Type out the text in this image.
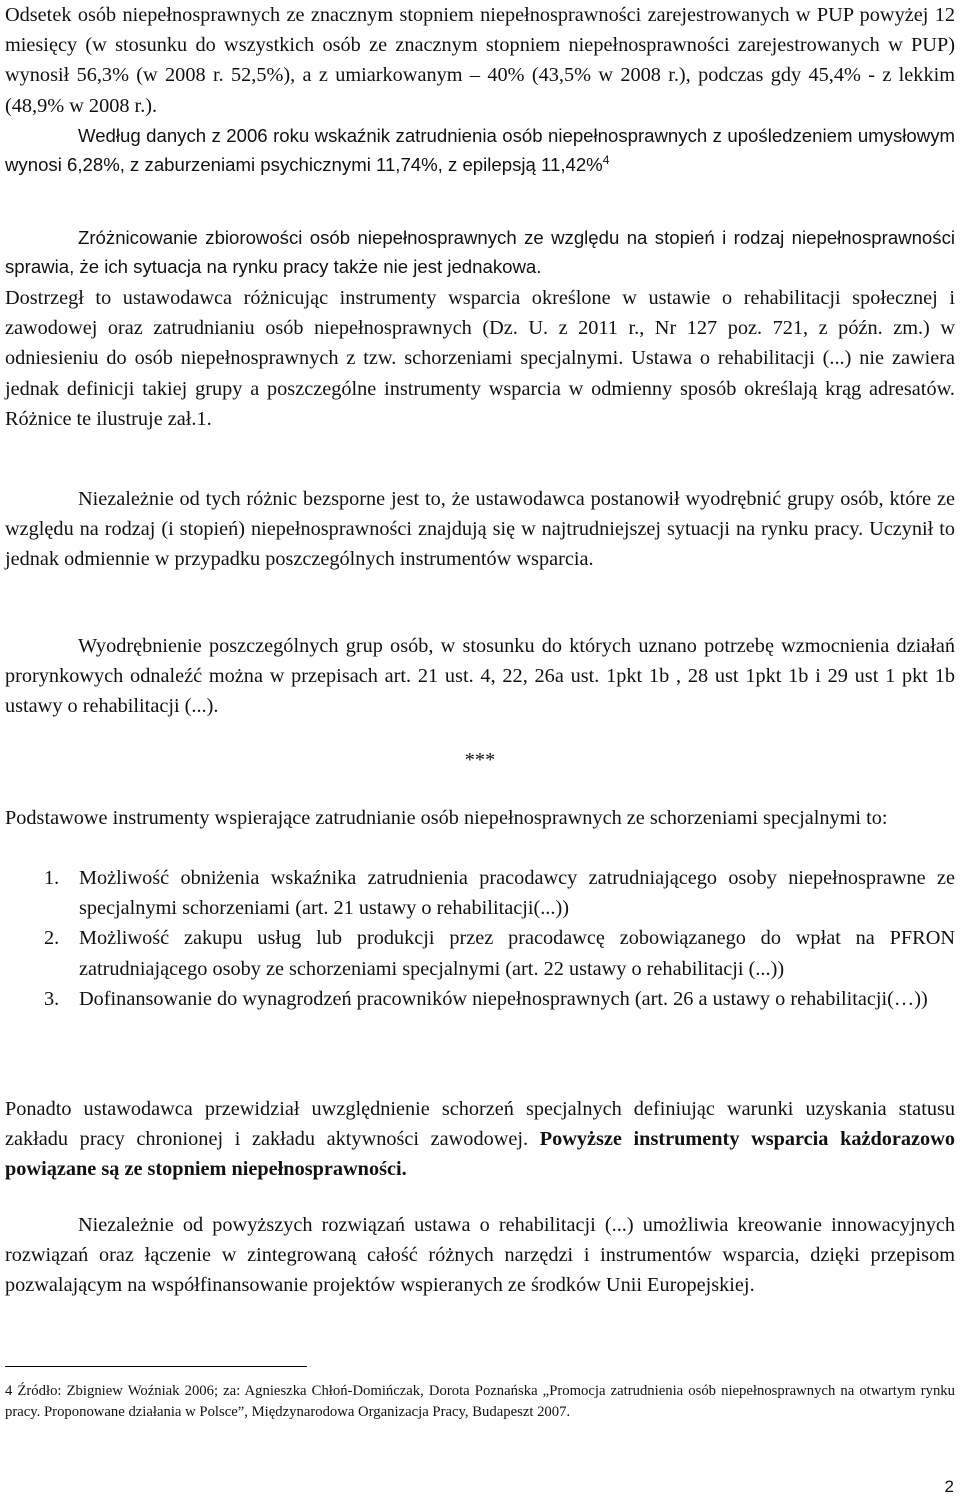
Odsetek osób niepełnosprawnych ze znacznym stopniem niepełnosprawności zarejestrowanych w PUP powyżej 12 miesięcy (w stosunku do wszystkich osób ze znacznym stopniem niepełnosprawności zarejestrowanych w PUP) wynosił 56,3% (w 2008 r. 52,5%), a z umiarkowanym – 40% (43,5% w 2008 r.), podczas gdy 45,4% - z lekkim (48,9% w 2008 r.).

Według danych z 2006 roku wskaźnik zatrudnienia osób niepełnosprawnych z upośledzeniem umysłowym wynosi 6,28%, z zaburzeniami psychicznymi 11,74%, z epilepsją 11,42%$^4$

Zróżnicowanie zbiorowości osób niepełnosprawnych ze względu na stopień i rodzaj niepełnosprawności sprawia, że ich sytuacja na rynku pracy także nie jest jednakowa.

Dostrzegł to ustawodawca różnicując instrumenty wsparcia określone w ustawie o rehabilitacji społecznej i zawodowej oraz zatrudnianiu osób niepełnosprawnych (Dz. U. z 2011 r., Nr 127 poz. 721, z późn. zm.) w odniesieniu do osób niepełnosprawnych z tzw. schorzeniami specjalnymi. Ustawa o rehabilitacji (...) nie zawiera jednak definicji takiej grupy a poszczególne instrumenty wsparcia w odmienny sposób określają krąg adresatów. Różnice te ilustruje zał.1.

Niezależnie od tych różnic bezsporne jest to, że ustawodawca postanowił wyodrębnić grupy osób, które ze względu na rodzaj (i stopień) niepełnosprawności znajdują się w najtrudniejszej sytuacji na rynku pracy. Uczynił to jednak odmiennie w przypadku poszczególnych instrumentów wsparcia.

Wyodrębnienie poszczególnych grup osób, w stosunku do których uznano potrzebę wzmocnienia działań prorynkowych odnaleźć można w przepisach art. 21 ust. 4, 22, 26a ust. 1pkt 1b , 28 ust 1pkt 1b i 29 ust 1 pkt 1b ustawy o rehabilitacji (...).

***

Podstawowe instrumenty wspierające zatrudnianie osób niepełnosprawnych ze schorzeniami specjalnymi to:

1. Możliwość obniżenia wskaźnika zatrudnienia pracodawcy zatrudniającego osoby niepełnosprawne ze specjalnymi schorzeniami (art. 21 ustawy o rehabilitacji(...))
2. Możliwość zakupu usług lub produkcji przez pracodawcę zobowiązanego do wpłat na PFRON zatrudniającego osoby ze schorzeniami specjalnymi (art. 22 ustawy o rehabilitacji (...))
3. Dofinansowanie do wynagrodzeń pracowników niepełnosprawnych (art. 26 a ustawy o rehabilitacji(…))

Ponadto ustawodawca przewidział uwzględnienie schorzeń specjalnych definiując warunki uzyskania statusu zakładu pracy chronionej i zakładu aktywności zawodowej. Powyższe instrumenty wsparcia każdorazowo powiązane są ze stopniem niepełnosprawności.

Niezależnie od powyższych rozwiązań ustawa o rehabilitacji (...) umożliwia kreowanie innowacyjnych rozwiązań oraz łączenie w zintegrowaną całość różnych narzędzi i instrumentów wsparcia, dzięki przepisom pozwalającym na współfinansowanie projektów wspieranych ze środków Unii Europejskiej.

4 Źródło: Zbigniew Woźniak 2006; za: Agnieszka Chłoń-Domińczak, Dorota Poznańska „Promocja zatrudnienia osób niepełnosprawnych na otwartym rynku pracy. Proponowane działania w Polsce”, Międzynarodowa Organizacja Pracy, Budapeszt 2007.

2
